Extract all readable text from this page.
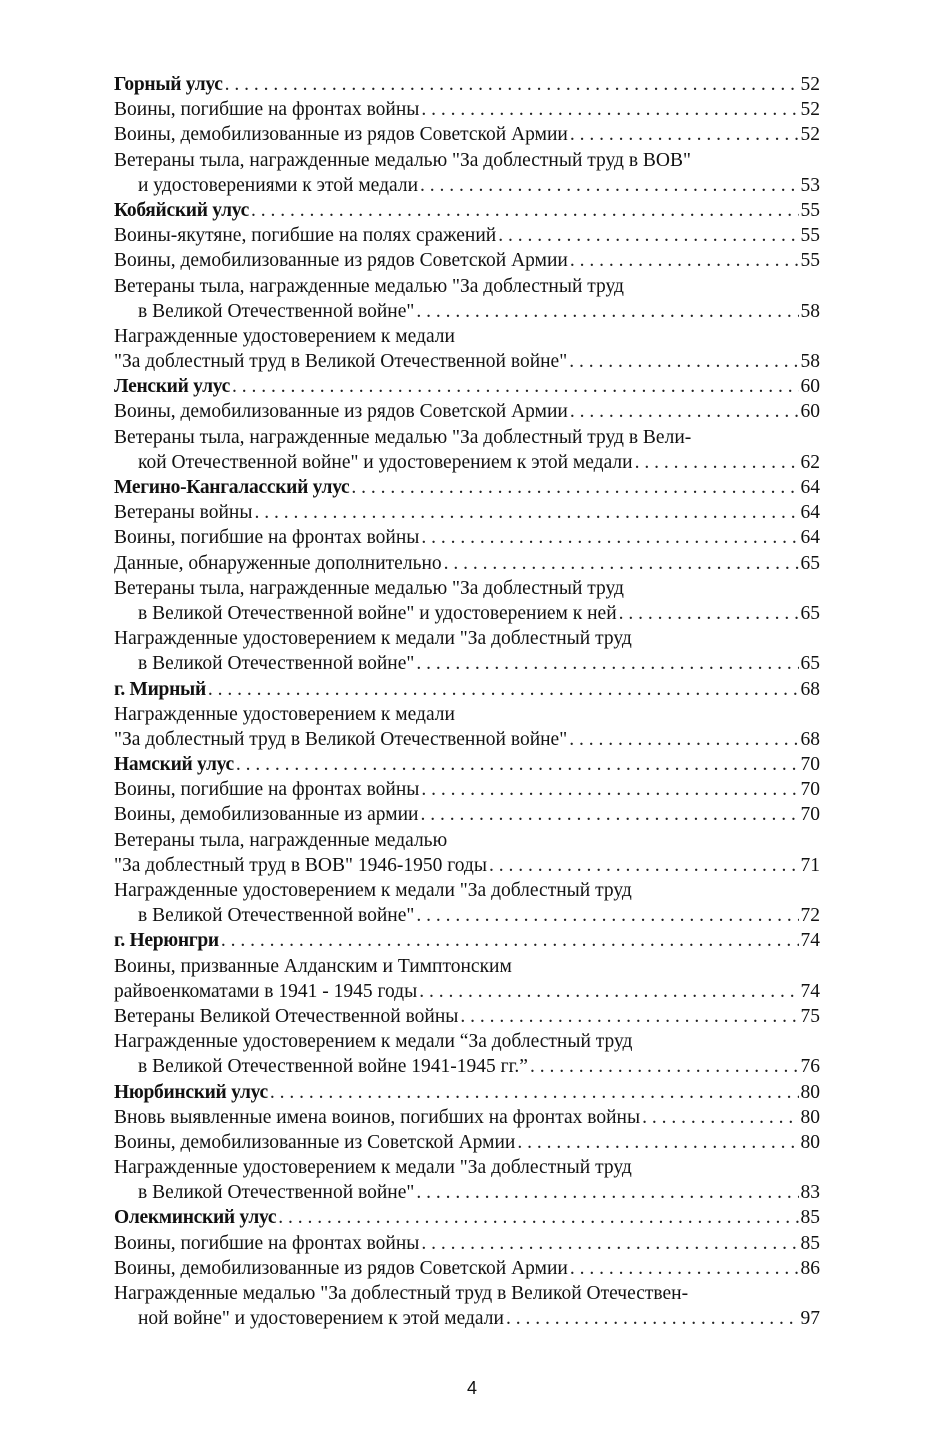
Горный улус . . .	52
Воины, погибшие на фронтах войны . . .	52
Воины, демобилизованные из рядов Советской Армии . . .	52
Ветераны тыла, награжденные медалью "За доблестный труд в ВОВ"
и удостоверениями к этой медали . . .	53
Кобяйский улус . . .	55
Воины-якутяне, погибшие на полях сражений . . .	55
Воины, демобилизованные из рядов Советской Армии . . .	55
Ветераны тыла, награжденные медалью "За доблестный труд
в Великой Отечественной войне" . . .	58
Награжденные удостоверением к медали
"За доблестный труд в Великой Отечественной войне" . . .	58
Ленский улус . . .	60
Воины, демобилизованные из рядов Советской Армии . . .	60
Ветераны тыла, награжденные медалью "За доблестный труд в Вели-
кой Отечественной войне" и удостоверением к этой медали . . .	62
Мегино-Кангаласский улус . . .	64
Ветераны войны . . .	64
Воины, погибшие на фронтах войны . . .	64
Данные, обнаруженные дополнительно . . .	65
Ветераны тыла, награжденные медалью "За доблестный труд
в Великой Отечественной войне" и удостоверением к ней . . .	65
Награжденные удостоверением к медали "За доблестный труд
в Великой Отечественной войне" . . .	65
г. Мирный . . .	68
Награжденные удостоверением к медали
"За доблестный труд в Великой Отечественной войне" . . .	68
Намский улус . . .	70
Воины, погибшие на фронтах войны . . .	70
Воины, демобилизованные из армии . . .	70
Ветераны тыла, награжденные медалью
"За доблестный труд в ВОВ" 1946-1950 годы . . .	71
Награжденные удостоверением к медали "За доблестный труд
в Великой Отечественной войне" . . .	72
г. Нерюнгри . . .	74
Воины, призванные Алданским и Тимптонским
райвоенкоматами в 1941 - 1945 годы . . .	74
Ветераны Великой Отечественной войны . . .	75
Награжденные удостоверением к медали “За доблестный труд
в Великой Отечественной войне 1941-1945 гг.” . . .	76
Нюрбинский улус . . .	80
Вновь выявленные имена воинов, погибших на фронтах войны . . .	80
Воины, демобилизованные из Советской Армии . . .	80
Награжденные удостоверением к медали "За доблестный труд
в Великой Отечественной войне" . . .	83
Олекминский улус . . .	85
Воины, погибшие на фронтах войны . . .	85
Воины, демобилизованные из рядов Советской Армии . . .	86
Награжденные медалью "За доблестный труд в Великой Отечествен-
ной войне" и удостоверением к этой медали . . .	97
4
